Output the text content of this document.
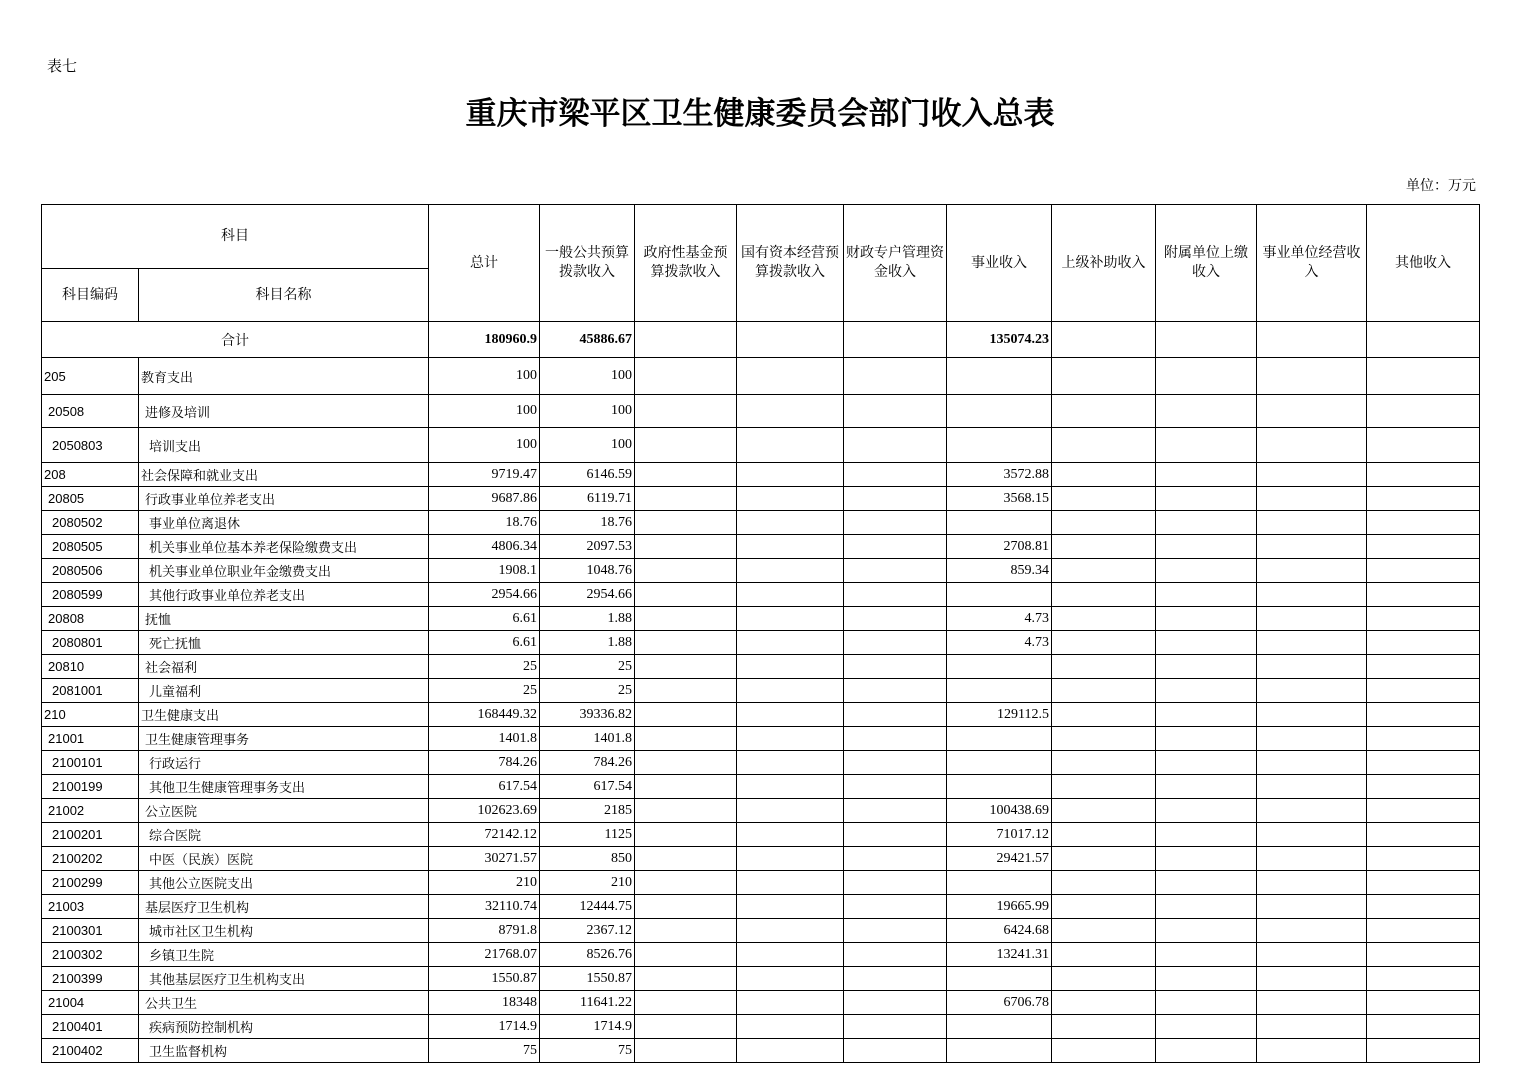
表七
重庆市梁平区卫生健康委员会部门收入总表
单位：万元
科目		总计	一般公共预算拨款收入	政府性基金预算拨款收入	国有资本经营预算拨款收入	财政专户管理资金收入	事业收入	上级补助收入	附属单位上缴收入	事业单位经营收入	其他收入
科目编码	科目名称										
合计		180960.9	45886.67				135074.23				
205	教育支出	100	100								
20508	进修及培训	100	100								
2050803	培训支出	100	100								
208	社会保障和就业支出	9719.47	6146.59				3572.88				
20805	行政事业单位养老支出	9687.86	6119.71				3568.15				
2080502	事业单位离退休	18.76	18.76								
2080505	机关事业单位基本养老保险缴费支出	4806.34	2097.53				2708.81				
2080506	机关事业单位职业年金缴费支出	1908.1	1048.76				859.34				
2080599	其他行政事业单位养老支出	2954.66	2954.66								
20808	抚恤	6.61	1.88				4.73				
2080801	死亡抚恤	6.61	1.88				4.73				
20810	社会福利	25	25								
2081001	儿童福利	25	25								
210	卫生健康支出	168449.32	39336.82				129112.5				
21001	卫生健康管理事务	1401.8	1401.8								
2100101	行政运行	784.26	784.26								
2100199	其他卫生健康管理事务支出	617.54	617.54								
21002	公立医院	102623.69	2185				100438.69				
2100201	综合医院	72142.12	1125				71017.12				
2100202	中医（民族）医院	30271.57	850				29421.57				
2100299	其他公立医院支出	210	210								
21003	基层医疗卫生机构	32110.74	12444.75				19665.99				
2100301	城市社区卫生机构	8791.8	2367.12				6424.68				
2100302	乡镇卫生院	21768.07	8526.76				13241.31				
2100399	其他基层医疗卫生机构支出	1550.87	1550.87								
21004	公共卫生	18348	11641.22				6706.78				
2100401	疾病预防控制机构	1714.9	1714.9								
2100402	卫生监督机构	75	75								
